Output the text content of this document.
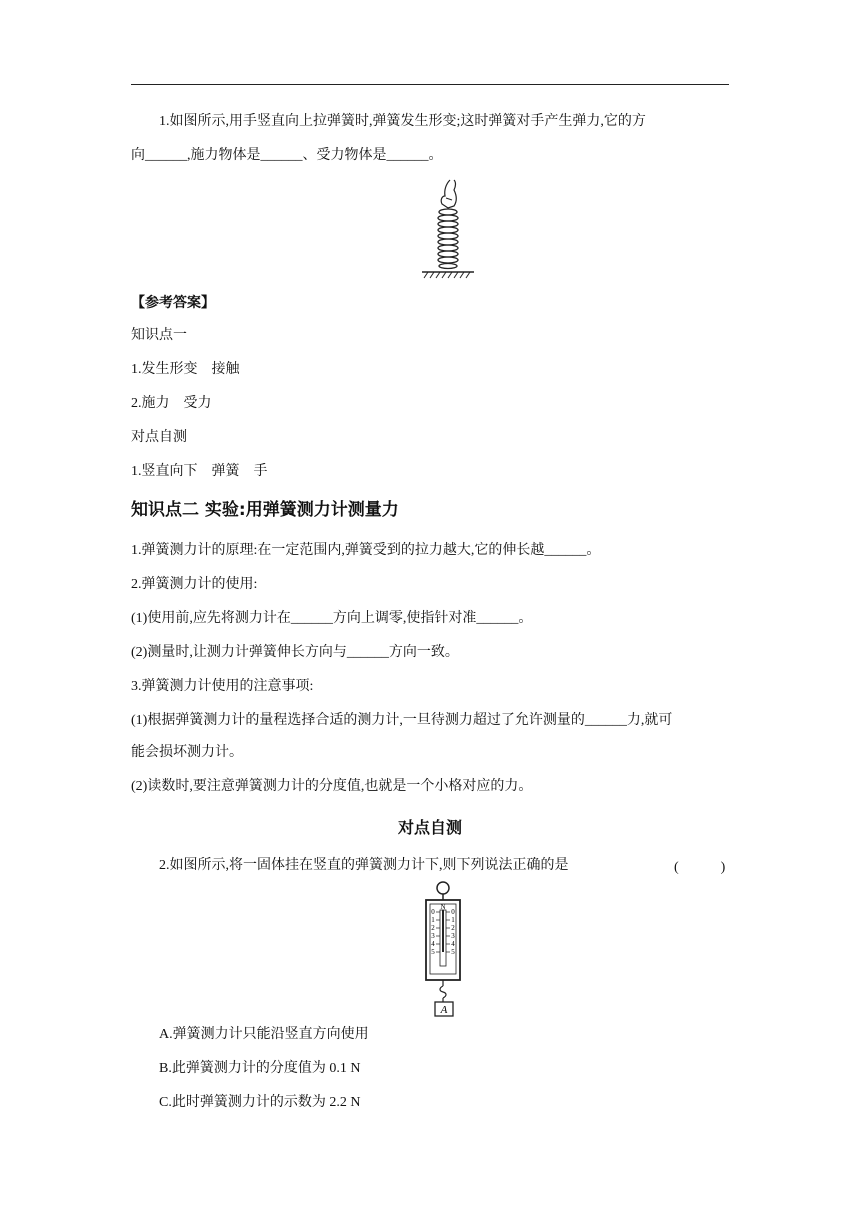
1.如图所示,用手竖直向上拉弹簧时,弹簧发生形变;这时弹簧对手产生弹力,它的方
向______,施力物体是______、受力物体是______。
【参考答案】
知识点一
1.发生形变　接触
2.施力　受力
对点自测
1.竖直向下　弹簧　手
知识点二 实验:用弹簧测力计测量力
1.弹簧测力计的原理:在一定范围内,弹簧受到的拉力越大,它的伸长越______。
2.弹簧测力计的使用:
(1)使用前,应先将测力计在______方向上调零,使指针对准______。
(2)测量时,让测力计弹簧伸长方向与______方向一致。
3.弹簧测力计使用的注意事项:
(1)根据弹簧测力计的量程选择合适的测力计,一旦待测力超过了允许测量的______力,就可
能会损坏测力计。
(2)读数时,要注意弹簧测力计的分度值,也就是一个小格对应的力。
对点自测
2.如图所示,将一固体挂在竖直的弹簧测力计下,则下列说法正确的是	(　　　)
N
0
1
2
3
4
5
0
1
2
3
4
5
A
A.弹簧测力计只能沿竖直方向使用
B.此弹簧测力计的分度值为 0.1 N
C.此时弹簧测力计的示数为 2.2 N
